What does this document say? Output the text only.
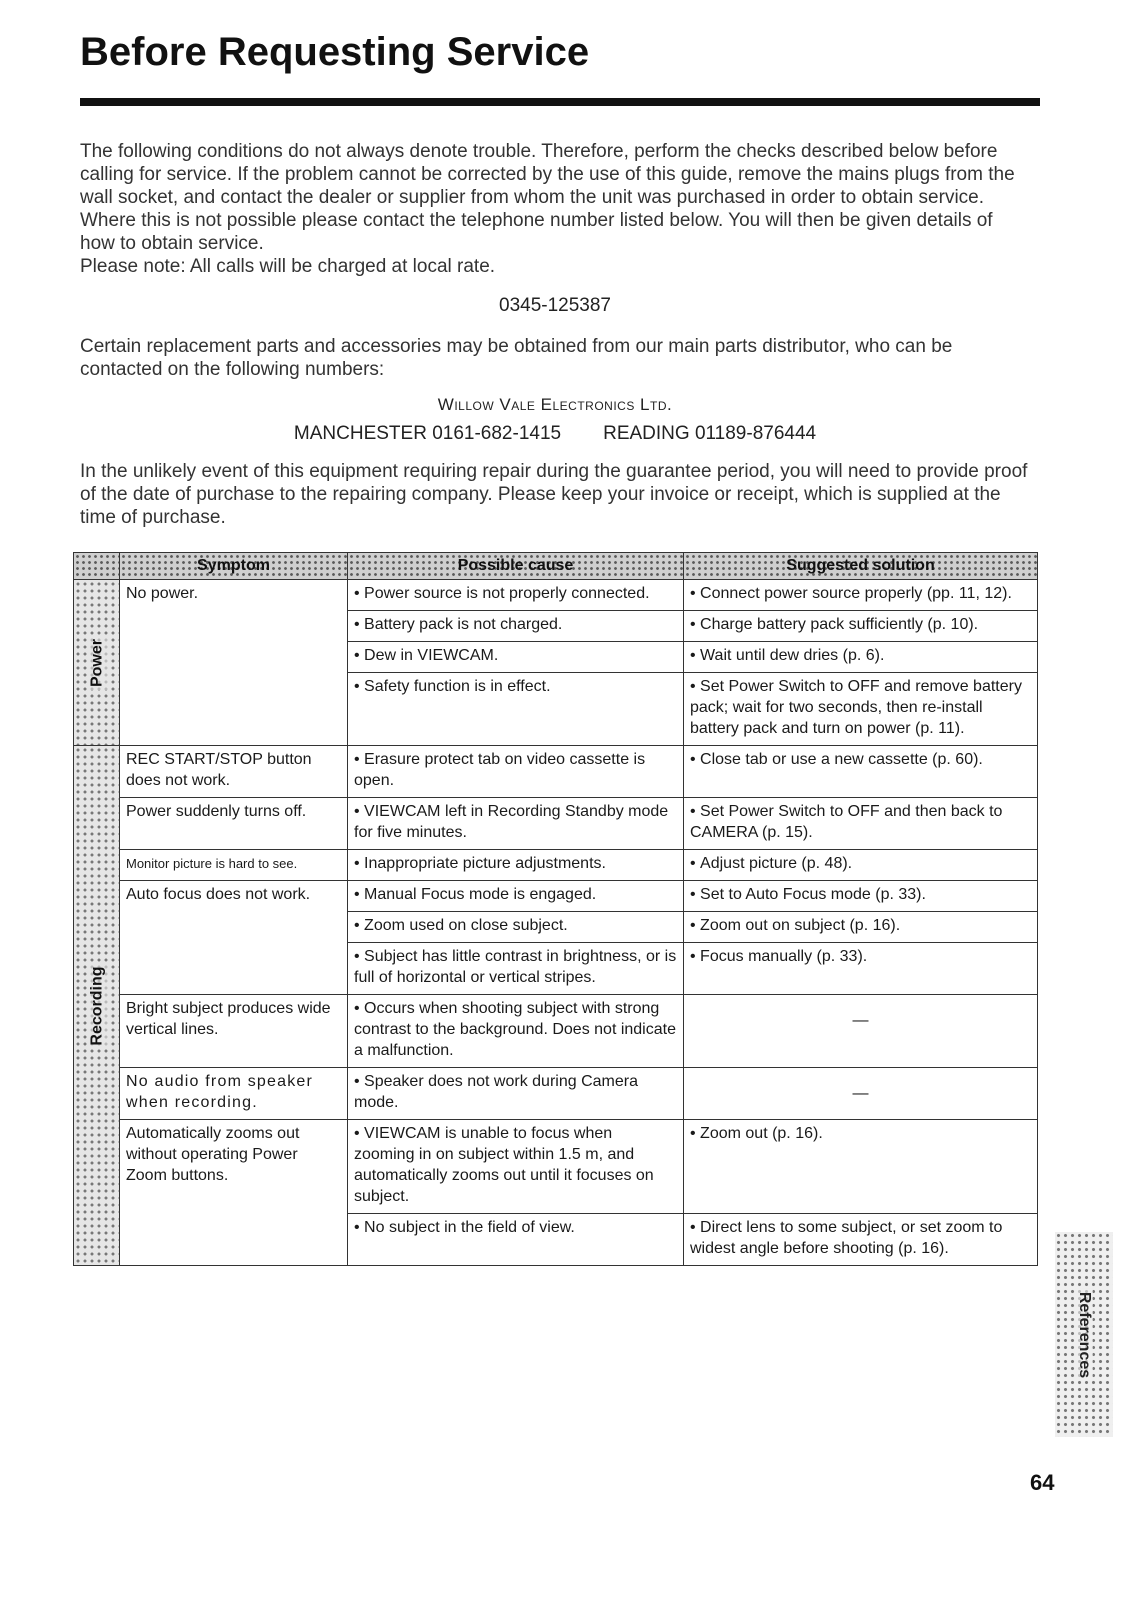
Before Requesting Service

The following conditions do not always denote trouble. Therefore, perform the checks described below before calling for service. If the problem cannot be corrected by the use of this guide, remove the mains plugs from the wall socket, and contact the dealer or supplier from whom the unit was purchased in order to obtain service. Where this is not possible please contact the telephone number listed below. You will then be given details of how to obtain service.
Please note: All calls will be charged at local rate.

0345-125387

Certain replacement parts and accessories may be obtained from our main parts distributor, who can be contacted on the following numbers:

Willow Vale Electronics Ltd.
MANCHESTER 0161-682-1415 READING 01189-876444

In the unlikely event of this equipment requiring repair during the guarantee period, you will need to provide proof of the date of purchase to the repairing company. Please keep your invoice or receipt, which is supplied at the time of purchase.

	Symptom	Possible cause	Suggested solution

Power	No power.	• Power source is not properly connected.	• Connect power source properly (pp. 11, 12).
		• Battery pack is not charged.	• Charge battery pack sufficiently (p. 10).
		• Dew in VIEWCAM.	• Wait until dew dries (p. 6).
		• Safety function is in effect.	• Set Power Switch to OFF and remove battery pack; wait for two seconds, then re-install battery pack and turn on power (p. 11).

Recording	REC START/STOP button does not work.	• Erasure protect tab on video cassette is open.	• Close tab or use a new cassette (p. 60).
	Power suddenly turns off.	• VIEWCAM left in Recording Standby mode for five minutes.	• Set Power Switch to OFF and then back to CAMERA (p. 15).
	Monitor picture is hard to see.	• Inappropriate picture adjustments.	• Adjust picture (p. 48).
	Auto focus does not work.	• Manual Focus mode is engaged.	• Set to Auto Focus mode (p. 33).
		• Zoom used on close subject.	• Zoom out on subject (p. 16).
		• Subject has little contrast in brightness, or is full of horizontal or vertical stripes.	• Focus manually (p. 33).
	Bright subject produces wide vertical lines.	• Occurs when shooting subject with strong contrast to the background. Does not indicate a malfunction.	—

	No audio from speaker when recording.	• Speaker does not work during Camera mode.	—

	Automatically zooms out without operating Power Zoom buttons.	• VIEWCAM is unable to focus when zooming in on subject within 1.5 m, and automatically zooms out until it focuses on subject.	• Zoom out (p. 16).
		• No subject in the field of view.	• Direct lens to some subject, or set zoom to widest angle before shooting (p. 16).
References
64
